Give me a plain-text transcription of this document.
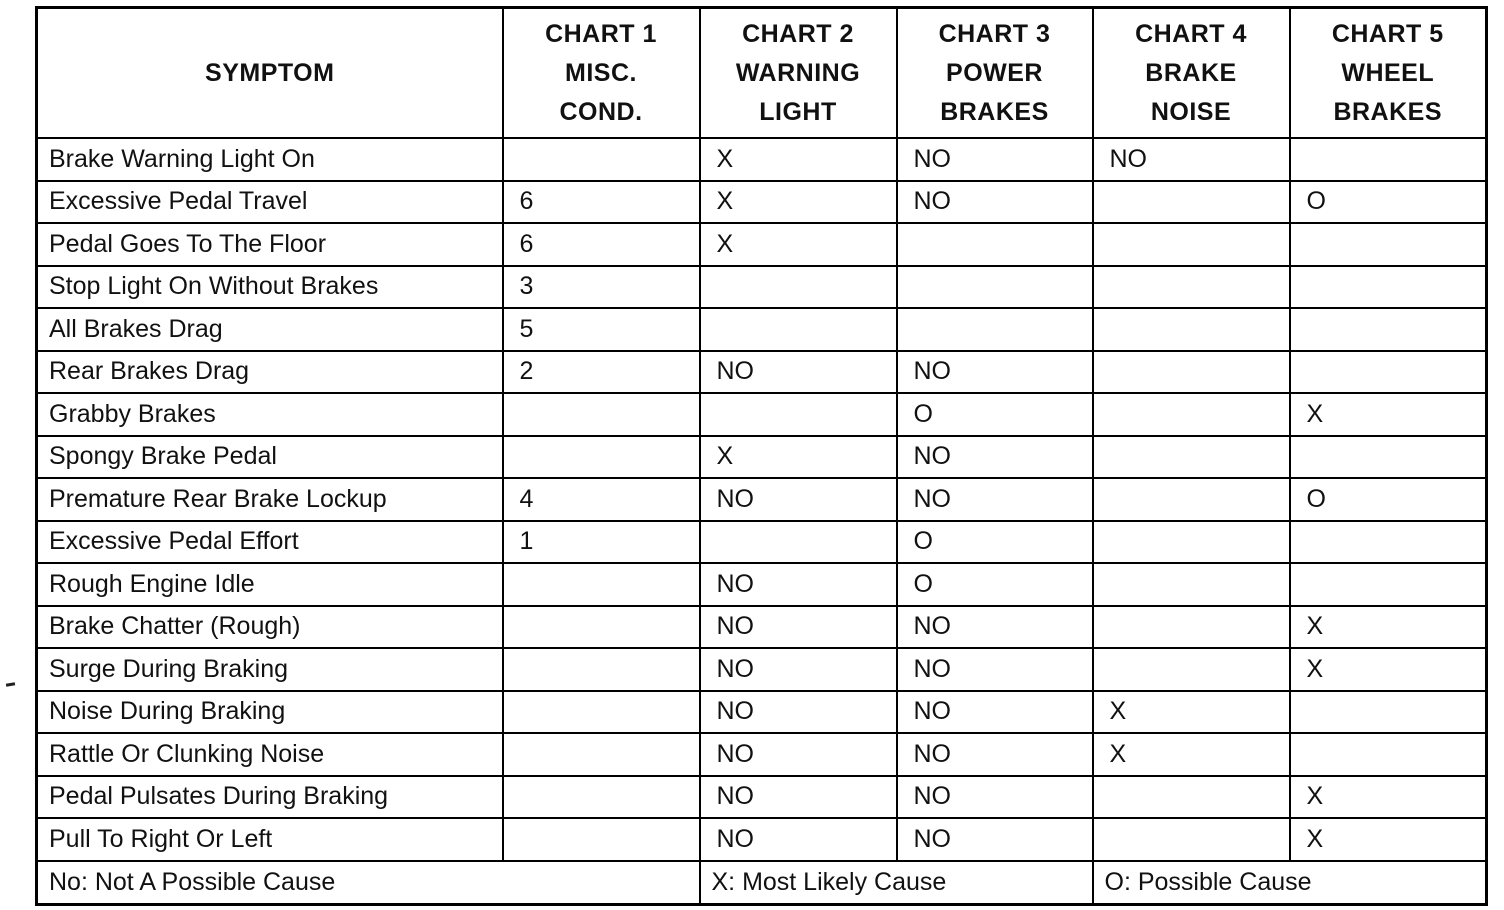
SYMPTOM	CHART 1
MISC.
COND.	CHART 2
WARNING
LIGHT	CHART 3
POWER
BRAKES	CHART 4
BRAKE
NOISE	CHART 5
WHEEL
BRAKES

Brake Warning Light On		X	NO	NO	
Excessive Pedal Travel	6	X	NO		O
Pedal Goes To The Floor	6	X			
Stop Light On Without Brakes	3				
All Brakes Drag	5				
Rear Brakes Drag	2	NO	NO		
Grabby Brakes			O		X
Spongy Brake Pedal		X	NO		
Premature Rear Brake Lockup	4	NO	NO		O
Excessive Pedal Effort	1		O		
Rough Engine Idle		NO	O		
Brake Chatter (Rough)		NO	NO		X
Surge During Braking		NO	NO		X
Noise During Braking		NO	NO	X	
Rattle Or Clunking Noise		NO	NO	X	
Pedal Pulsates During Braking		NO	NO		X
Pull To Right Or Left		NO	NO		X
No: Not A Possible Cause		X: Most Likely Cause		O: Possible Cause	
